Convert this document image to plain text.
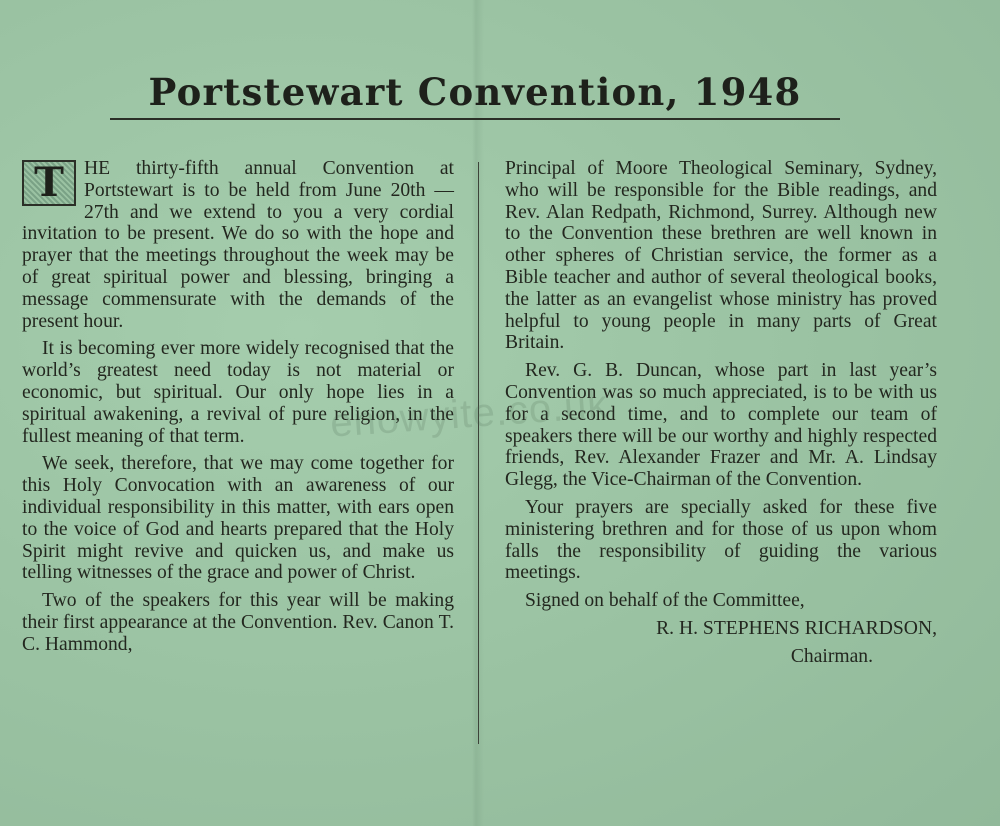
Portstewart Convention, 1948

T	HE thirty-fifth annual Convention at Portstewart is to be held from June 20th — 27th and we extend to you a very cordial invitation to be present. We do so with the hope and prayer that the meetings throughout the week may be of great spiritual power and blessing, bringing a message commensurate with the demands of the present hour.

It is becoming ever more widely recognised that the world’s greatest need today is not material or economic, but spiritual. Our only hope lies in a spiritual awakening, a revival of pure religion, in the fullest meaning of that term.

We seek, therefore, that we may come together for this Holy Convocation with an awareness of our individual responsibility in this matter, with ears open to the voice of God and hearts prepared that the Holy Spirit might revive and quicken us, and make us telling witnesses of the grace and power of Christ.

Two of the speakers for this year will be making their first appearance at the Convention. Rev. Canon T. C. Hammond,

Principal of Moore Theological Seminary, Sydney, who will be responsible for the Bible readings, and Rev. Alan Redpath, Richmond, Surrey. Although new to the Convention these brethren are well known in other spheres of Christian service, the former as a Bible teacher and author of several theological books, the latter as an evangelist whose ministry has proved helpful to young people in many parts of Great Britain.

Rev. G. B. Duncan, whose part in last year’s Convention was so much appreciated, is to be with us for a second time, and to complete our team of speakers there will be our worthy and highly respected friends, Rev. Alexander Frazer and Mr. A. Lindsay Glegg, the Vice-Chairman of the Convention.

Your prayers are specially asked for these five ministering brethren and for those of us upon whom falls the responsibility of guiding the various meetings.

Signed on behalf of the Committee,

R. H. STEPHENS RICHARDSON,

Chairman.

enowyite.co.uk
